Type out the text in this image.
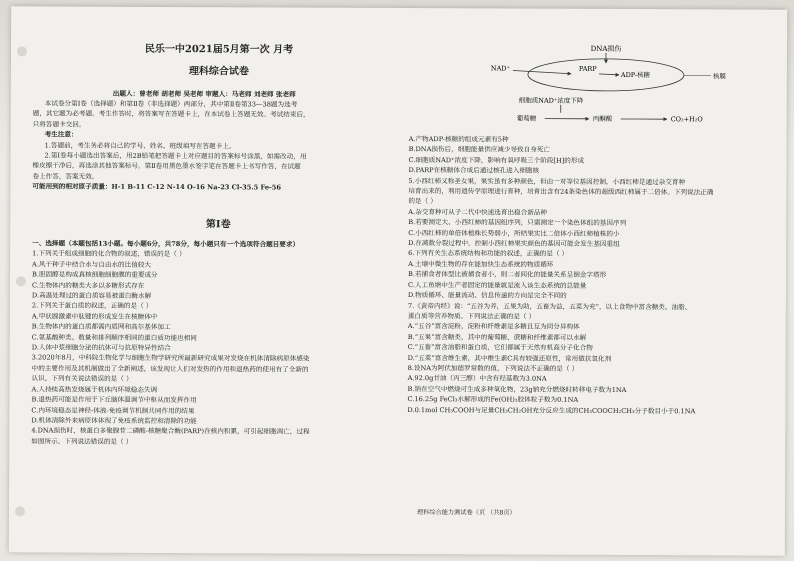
民乐一中2021届5月第一次 月考
理科综合试卷
出题人：曾老师 胡老师 吴老师 审题人：马老师 刘老师 张老师
本试卷分第Ⅰ卷（选择题）和第Ⅱ卷（非选择题）两部分，其中第Ⅱ卷第33—38题为选考
题，其它题为必考题。考生作答时，将答案写在答题卡上，在本试卷上答题无效。考试结束后，
只将答题卡交回。
考生注意：
1.答题前，考生务必将自己的学号、姓名、班级填写在答题卡上。
2.第Ⅰ卷每小题选出答案后，用2B铅笔把答题卡上对应题目的答案标号涂黑，如需改动，用
橡皮擦干净后，再选涂其他答案标号。第Ⅱ卷用黑色墨水签字笔在答题卡上书写作答，在试题
卷上作答，答案无效。
可能用到的相对原子质量：H-1 B-11 C-12 N-14 O-16 Na-23 Cl-35.5 Fe-56
第Ⅰ卷
一、选择题（本题包括13小题。每小题6分，共78分，每小题只有一个选项符合题目要求）
1.下列关于组成细胞的化合物的叙述，错误的是（ ）
A.风干种子中结合水与自由水的比值较大
B.胆固醇是构成真核细胞细胞膜的重要成分
C.生物体内的糖类大多以多糖形式存在
D.高温处理过的蛋白质容易被蛋白酶水解
2.下列关于蛋白质的叙述，正确的是（ ）
A.甲状腺激素中肽键的形成发生在核糖体中
B.生物体内的蛋白质都需内质网和高尔基体加工
C.氨基酸种类、数量和排列顺序相同的蛋白质功能也相同
D.人体中浆细胞分泌的抗体可与抗原特异性结合
3.2020年8月，中科院生物化学与细胞生物学研究所最新研究成果对发烧在机体清除病原体感染
中的主要作用及其机制做出了全新阐述，该发现让人们对发热的作用和退热药的使用有了全新的
认识。下列有关说法错误的是（ ）
A.人持续高热发烧属于机体内环境稳态失调
B.退热药可能是作用于下丘脑体温调节中枢从而发挥作用
C.内环境稳态是神经-体液-免疫调节机制共同作用的结果
D.机体清除外来病原体体现了免疫系统监控和清除的功能
4.DNA损伤时，核蛋白多聚腺苷二磷酸-核糖聚合酶(PARP)在核内积累，可引起细胞凋亡，过程
如图所示。下列说法错误的是（ ）
DNA损伤
NAD⁺	PARP
ADP-核糖	核膜
细胞质NAD⁺浓度下降
葡萄糖	丙酮酸	CO₂+H₂O
A.产物ADP-核糖的组成元素有5种
B.DNA损伤后，细胞能量供应减少导致自身死亡
C.细胞质NAD⁺浓度下降，影响有氧呼吸三个阶段[H]的形成
D.PARP在核糖体合成后通过核孔进入细胞核
5.小西红柿又称圣女果，果实虽有多种颜色，但由一对等位基因控制，小西红柿是通过杂交育种
培育出来的，利用遗传学原理进行育种，培育出含有24条染色体的超级西红柿属于二倍体。下列说法正确
的是（ ）
A.杂交育种可从子二代中快速选育出稳合新品种
B.若要测定大、小西红柿的基因组序列，只需测定一个染色体组的基因序列
C.小西红柿的单倍体植株长势弱小，所结果实比二倍体小西红柿植株的小
D.在减数分裂过程中，控制小西红柿果实颜色的基因可能会发生基因重组
6.下列有关生态系统结构和功能的叙述，正确的是（ ）
A.土壤中微生物的存在能加快生态系统的物质循环
B.若捕食者体型比被捕食者小，则二者间化的能量关系呈倒金字塔形
C.人工鱼塘中生产者固定的能量就是流入该生态系统的总能量
D.物质循环、能量流动、信息传递的方向是完全不同的
7.《黄帝内经》说：“五谷为养，五果为助，五畜为益，五菜为充”，以上食物中富含糖类、油脂、
蛋白质等营养物质。下列说法正确的是（ ）
A.“五谷”富含淀粉，淀粉和纤维素是多糖且互为同分异构体
B.“五果”富含糖类，其中的葡萄糖、蔗糖和纤维素都可以水解
C.“五畜”富含油脂和蛋白质，它们都属于天然有机高分子化合物
D.“五菜”富含维生素，其中维生素C具有较强还原性，常用做抗氧化剂
8.设NA为阿伏加德罗常数的值，下列说法不正确的是（ ）
A.92.0g甘油（丙三醇）中含有羟基数为3.0NA
B.钠在空气中燃烧可生成多种氧化物，23g钠充分燃烧时转移电子数为1NA
C.16.25g FeCl₃水解形成的Fe(OH)₃胶体粒子数为0.1NA
D.0.1mol CH₃COOH与足量CH₃CH₂OH充分反应生成的CH₃COOCH₂CH₃分子数目小于0.1NA
理科综合能力测试卷（页 （共8页）
